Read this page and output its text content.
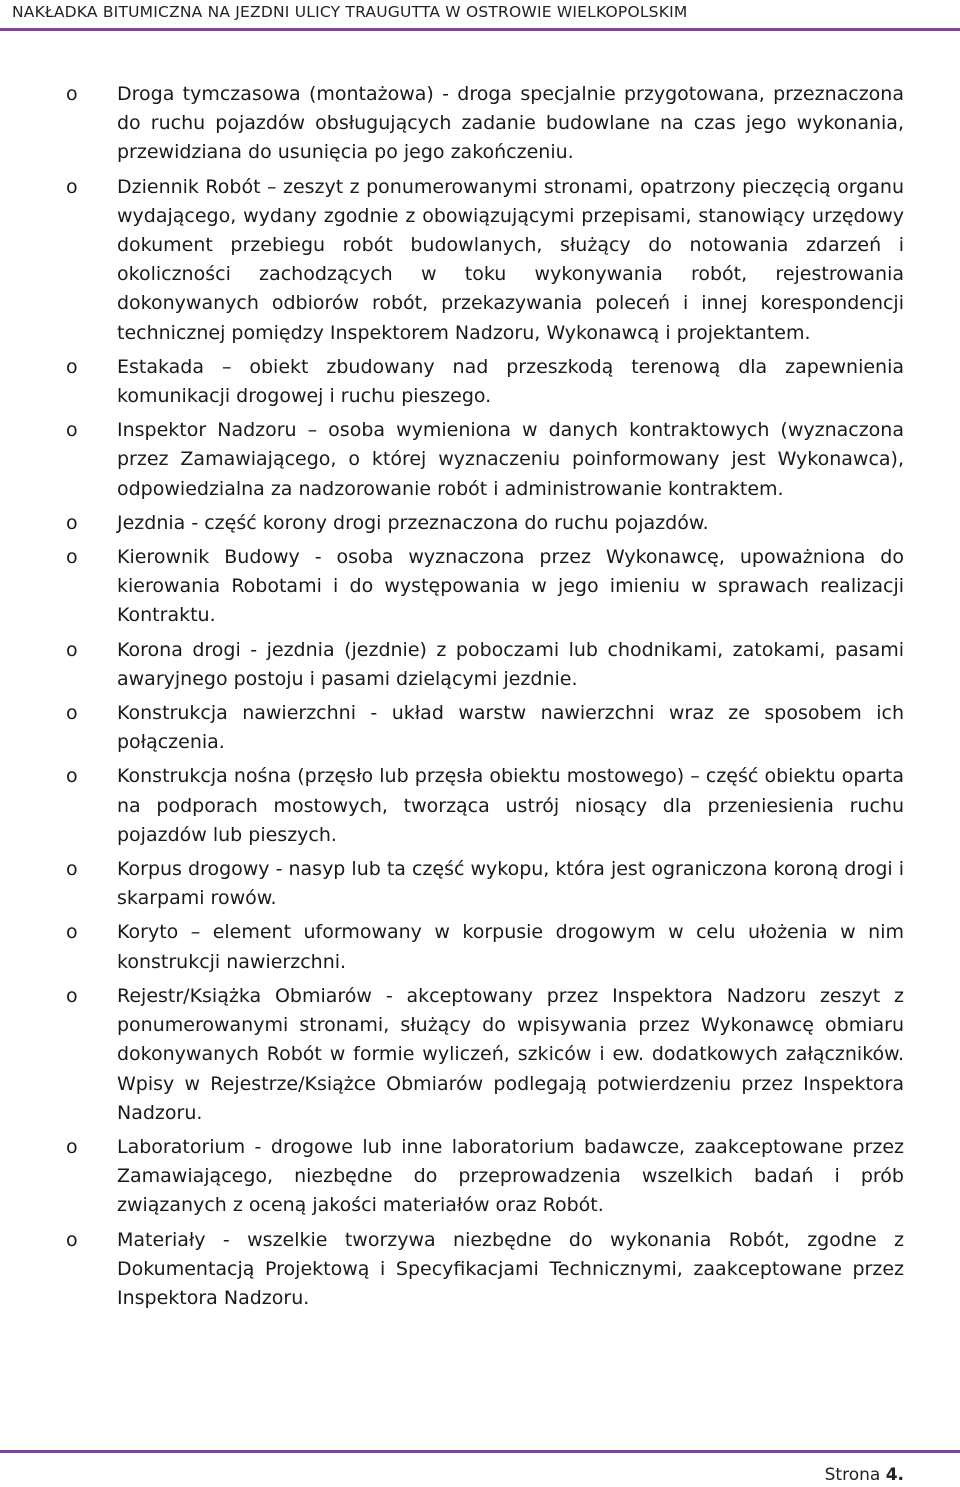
NAKŁADKA BITUMICZNA NA JEZDNI ULICY TRAUGUTTA W OSTROWIE WIELKOPOLSKIM
o Droga tymczasowa (montażowa) - droga specjalnie przygotowana, przeznaczona do ruchu pojazdów obsługujących zadanie budowlane na czas jego wykonania, przewidziana do usunięcia po jego zakończeniu.
o Dziennik Robót – zeszyt z ponumerowanymi stronami, opatrzony pieczęcią organu wydającego, wydany zgodnie z obowiązującymi przepisami, stanowiący urzędowy dokument przebiegu robót budowlanych, służący do notowania zdarzeń i okoliczności zachodzących w toku wykonywania robót, rejestrowania dokonywanych odbiorów robót, przekazywania poleceń i innej korespondencji technicznej pomiędzy Inspektorem Nadzoru, Wykonawcą i projektantem.
o Estakada – obiekt zbudowany nad przeszkodą terenową dla zapewnienia komunikacji drogowej i ruchu pieszego.
o Inspektor Nadzoru – osoba wymieniona w danych kontraktowych (wyznaczona przez Zamawiającego, o której wyznaczeniu poinformowany jest Wykonawca), odpowiedzialna za nadzorowanie robót i administrowanie kontraktem.
o Jezdnia - część korony drogi przeznaczona do ruchu pojazdów.
o Kierownik Budowy - osoba wyznaczona przez Wykonawcę, upoważniona do kierowania Robotami i do występowania w jego imieniu w sprawach realizacji Kontraktu.
o Korona drogi - jezdnia (jezdnie) z poboczami lub chodnikami, zatokami, pasami awaryjnego postoju i pasami dzielącymi jezdnie.
o Konstrukcja nawierzchni - układ warstw nawierzchni wraz ze sposobem ich połączenia.
o Konstrukcja nośna (przęsło lub przęsła obiektu mostowego) – część obiektu oparta na podporach mostowych, tworząca ustrój niosący dla przeniesienia ruchu pojazdów lub pieszych.
o Korpus drogowy - nasyp lub ta część wykopu, która jest ograniczona koroną drogi i skarpami rowów.
o Koryto – element uformowany w korpusie drogowym w celu ułożenia w nim konstrukcji nawierzchni.
o Rejestr/Książka Obmiarów - akceptowany przez Inspektora Nadzoru zeszyt z ponumerowanymi stronami, służący do wpisywania przez Wykonawcę obmiaru dokonywanych Robót w formie wyliczeń, szkiców i ew. dodatkowych załączników. Wpisy w Rejestrze/Książce Obmiarów podlegają potwierdzeniu przez Inspektora Nadzoru.
o Laboratorium - drogowe lub inne laboratorium badawcze, zaakceptowane przez Zamawiającego, niezbędne do przeprowadzenia wszelkich badań i prób związanych z oceną jakości materiałów oraz Robót.
o Materiały - wszelkie tworzywa niezbędne do wykonania Robót, zgodne z Dokumentacją Projektową i Specyfikacjami Technicznymi, zaakceptowane przez Inspektora Nadzoru.
Strona 4.
